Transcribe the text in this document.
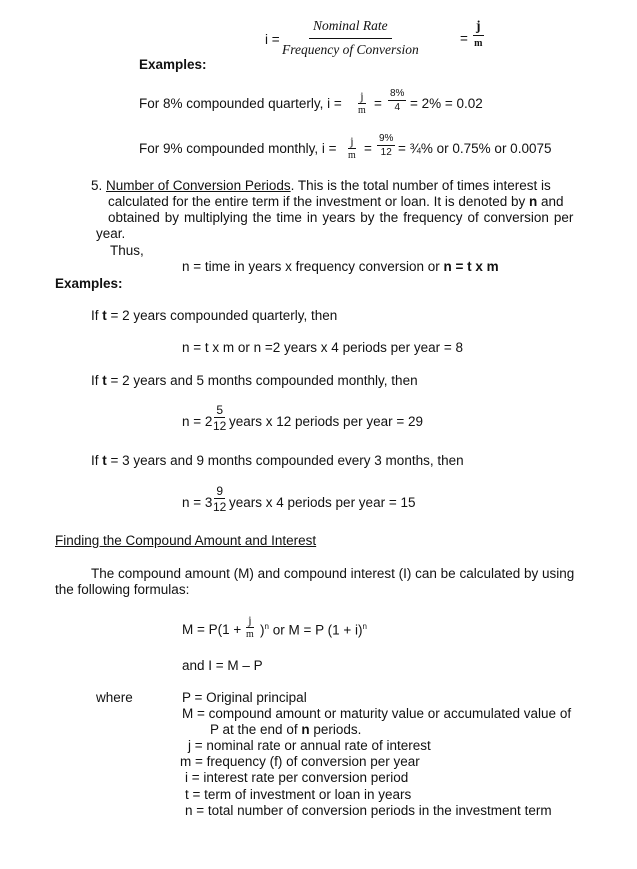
i =
Nominal Rate
Frequency of Conversion
=
j
m
Examples:
For 8% compounded quarterly, i = j
$m = \frac{8\%}{4} = 2\% = 0.02$
For 9% compounded monthly, i = j
$m = \frac{9\%}{12}$ = ¾% or 0.75% or 0.0075
5. Number of Conversion Periods. This is the total number of times interest is
calculated for the entire term if the investment or loan. It is denoted by n and
obtained by multiplying the time in years by the frequency of conversion per
year.
Thus,
n = time in years x frequency conversion or n = t x m
Examples:
If t = 2 years compounded quarterly, then
n = t x m or n =2 years x 4 periods per year = 8
If t = 2 years and 5 months compounded monthly, then
$n = 2 \frac{5}{12}$ years x 12 periods per year = 29
If t = 3 years and 9 months compounded every 3 months, then
$n = 3 \frac{9}{12}$ years x 4 periods per year = 15
Finding the Compound Amount and Interest
The compound amount (M) and compound interest (I) can be calculated by using
the following formulas:
M = P(1 +
j
m )$^n$ or M = P $(1 + i)^n$
and I = M – P
where	P = Original principal
M = compound amount or maturity value or accumulated value of
P at the end of n periods.
j = nominal rate or annual rate of interest
m = frequency (f) of conversion per year
i = interest rate per conversion period
t = term of investment or loan in years
n = total number of conversion periods in the investment term
